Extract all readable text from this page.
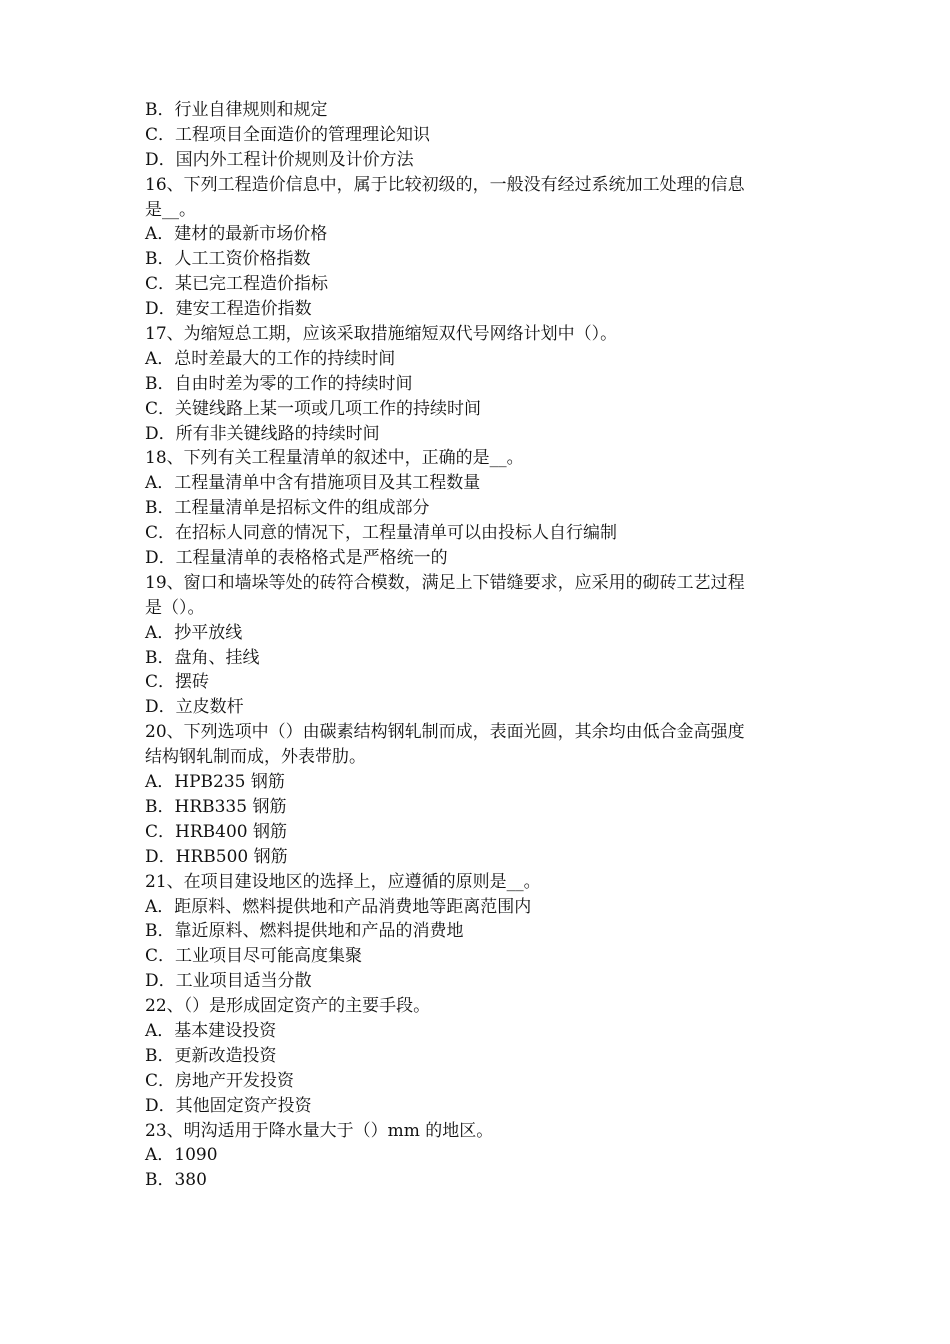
B．行业自律规则和规定
C．工程项目全面造价的管理理论知识
D．国内外工程计价规则及计价方法
16、下列工程造价信息中，属于比较初级的，一般没有经过系统加工处理的信息
是__。
A．建材的最新市场价格
B．人工工资价格指数
C．某已完工程造价指标
D．建安工程造价指数
17、为缩短总工期，应该采取措施缩短双代号网络计划中（）。
A．总时差最大的工作的持续时间
B．自由时差为零的工作的持续时间
C．关键线路上某一项或几项工作的持续时间
D．所有非关键线路的持续时间
18、下列有关工程量清单的叙述中，正确的是__。
A．工程量清单中含有措施项目及其工程数量
B．工程量清单是招标文件的组成部分
C．在招标人同意的情况下，工程量清单可以由投标人自行编制
D．工程量清单的表格格式是严格统一的
19、窗口和墙垛等处的砖符合模数，满足上下错缝要求，应采用的砌砖工艺过程
是（）。
A．抄平放线
B．盘角、挂线
C．摆砖
D．立皮数杆
20、下列选项中（）由碳素结构钢轧制而成，表面光圆，其余均由低合金高强度
结构钢轧制而成，外表带肋。
A．HPB235 钢筋
B．HRB335 钢筋
C．HRB400 钢筋
D．HRB500 钢筋
21、在项目建设地区的选择上，应遵循的原则是__。
A．距原料、燃料提供地和产品消费地等距离范围内
B．靠近原料、燃料提供地和产品的消费地
C．工业项目尽可能高度集聚
D．工业项目适当分散
22、（）是形成固定资产的主要手段。
A．基本建设投资
B．更新改造投资
C．房地产开发投资
D．其他固定资产投资
23、明沟适用于降水量大于（）mm 的地区。
A．1090
B．380
